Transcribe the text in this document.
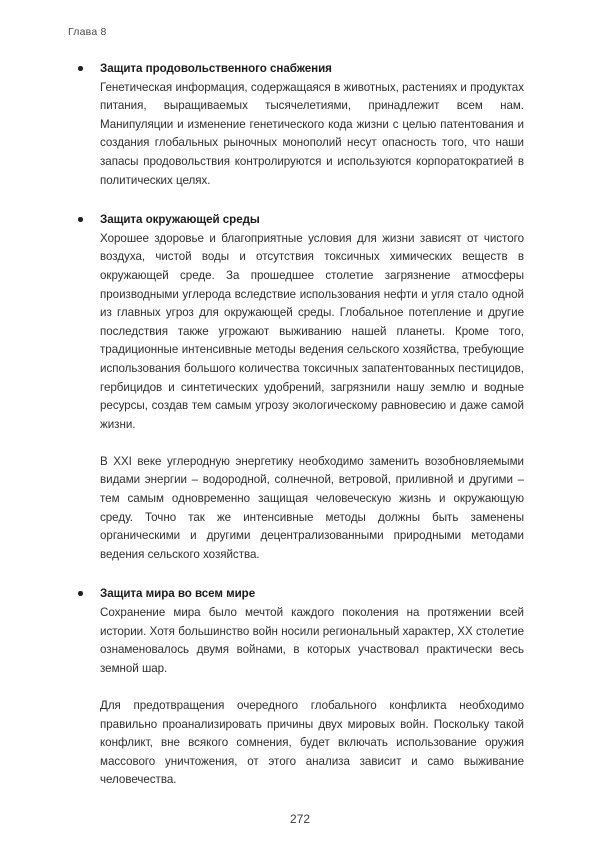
Глава 8
Защита продовольственного снабжения
Генетическая информация, содержащаяся в животных, растениях и продуктах питания, выращиваемых тысячелетиями, принадлежит всем нам. Манипуляции и изменение генетического кода жизни с целью патентования и создания глобальных рыночных монополий несут опасность того, что наши запасы продовольствия контролируются и используются корпоратократией в политических целях.
Защита окружающей среды
Хорошее здоровье и благоприятные условия для жизни зависят от чистого воздуха, чистой воды и отсутствия токсичных химических веществ в окружающей среде. За прошедшее столетие загрязнение атмосферы производными углерода вследствие использования нефти и угля стало одной из главных угроз для окружающей среды. Глобальное потепление и другие последствия также угрожают выживанию нашей планеты. Кроме того, традиционные интенсивные методы ведения сельского хозяйства, требующие использования большого количества токсичных запатентованных пестицидов, гербицидов и синтетических удобрений, загрязнили нашу землю и водные ресурсы, создав тем самым угрозу экологическому равновесию и даже самой жизни.
В XXI веке углеродную энергетику необходимо заменить возобновляемыми видами энергии – водородной, солнечной, ветровой, приливной и другими – тем самым одновременно защищая человеческую жизнь и окружающую среду. Точно так же интенсивные методы должны быть заменены органическими и другими децентрализованными природными методами ведения сельского хозяйства.
Защита мира во всем мире
Сохранение мира было мечтой каждого поколения на протяжении всей истории. Хотя большинство войн носили региональный характер, XX столетие ознаменовалось двумя войнами, в которых участвовал практически весь земной шар.
Для предотвращения очередного глобального конфликта необходимо правильно проанализировать причины двух мировых войн. Поскольку такой конфликт, вне всякого сомнения, будет включать использование оружия массового уничтожения, от этого анализа зависит и само выживание человечества.
272
